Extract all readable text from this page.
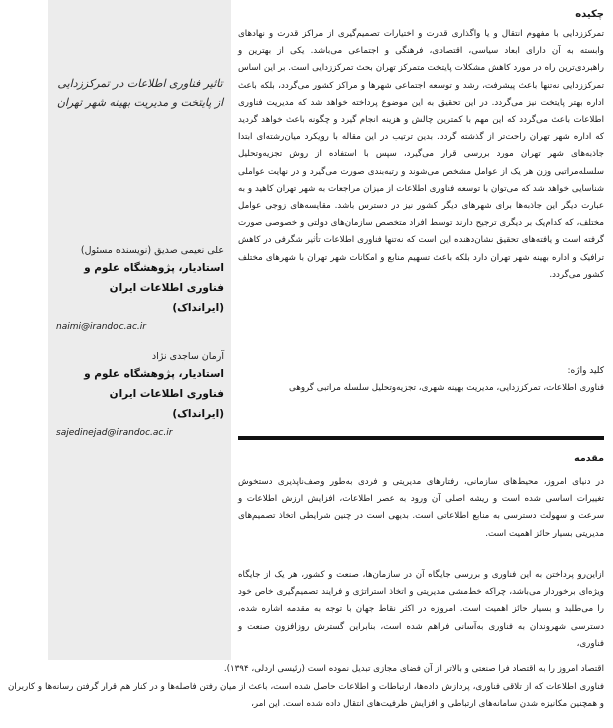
تاثیر فناوری اطلاعات در تمرکززدایی از پایتخت و مدیریت بهینه شهر تهران
علی نعیمی صدیق (نویسنده مسئول)
استادیار، پژوهشگاه علوم و فناوری اطلاعات ایران (ایرانداک)
naimi@irandoc.ac.ir
آرمان ساجدی نژاد
استادیار، پژوهشگاه علوم و فناوری اطلاعات ایران (ایرانداک)
sajedinejad@irandoc.ac.ir
چکیده

تمرکززدایی با مفهوم انتقال و یا واگذاری قدرت و اختیارات تصمیم‌گیری از مراکز قدرت و نهادهای وابسته به آن دارای ابعاد سیاسی، اقتصادی، فرهنگی و اجتماعی می‌باشد. یکی از بهترین و راهبردی‌ترین راه در مورد کاهش مشکلات پایتخت متمرکز تهران بحث تمرکززدایی است. بر این اساس تمرکززدایی نه‌تنها باعث پیشرفت، رشد و توسعه اجتماعی شهرها و مراکز کشور می‌گردد، بلکه باعث اداره بهتر پایتخت نیز می‌گردد. در این تحقیق به این موضوع پرداخته خواهد شد که مدیریت فناوری اطلاعات باعث می‌گردد که این مهم با کمترین چالش و هزینه انجام گیرد و چگونه باعث خواهد گردید که اداره شهر تهران راحت‌تر از گذشته گردد. بدین ترتیب در این مقاله با رویکرد میان‌رشته‌ای ابتدا جاذبه‌های شهر تهران مورد بررسی قرار می‌گیرد، سپس با استفاده از روش تجزیه‌وتحلیل سلسله‌مراتبی وزن هر یک از عوامل مشخص می‌شوند و رتبه‌بندی صورت می‌گیرد و در نهایت عواملی شناسایی خواهد شد که می‌توان با توسعه فناوری اطلاعات از میزان مراجعات به شهر تهران کاهید و به عبارت دیگر این جاذبه‌ها برای شهرهای دیگر کشور نیز در دسترس باشد. مقایسه‌های زوجی عوامل مختلف، که کدام‌یک بر دیگری ترجیح دارند توسط افراد متخصص سازمان‌های دولتی و خصوصی صورت گرفته است و یافته‌های تحقیق نشان‌دهنده این است که نه‌تنها فناوری اطلاعات تأثیر شگرفی در کاهش ترافیک و اداره بهینه شهر تهران دارد بلکه باعث تسهیم منابع و امکانات شهر تهران با شهرهای مختلف کشور می‌گردد.

کلید واژه:
فناوری اطلاعات، تمرکززدایی، مدیریت بهینه شهری، تجزیه‌وتحلیل سلسله مراتبی گروهی
مقدمه

در دنیای امروز، محیط‌های سازمانی، رفتارهای مدیریتی و فردی به‌طور وصف‌ناپذیری دستخوش تغییرات اساسی شده است و ریشه اصلی آن ورود به عصر اطلاعات، افزایش ارزش اطلاعات و سرعت و سهولت دسترسی به منابع اطلاعاتی است. بدیهی است در چنین شرایطی اتخاذ تصمیم‌های مدیریتی بسیار حائز اهمیت است.

ازاین‌رو پرداختن به این فناوری و بررسی جایگاه آن در سازمان‌ها، صنعت و کشور، هر یک از جایگاه ویژه‌ای برخوردار می‌باشد، چراکه خط‌مشی مدیریتی و اتخاذ استراتژی و فرایند تصمیم‌گیری خاص خود را می‌طلبد و بسیار حائز اهمیت است. امروزه در اکثر نقاط جهان با توجه به مقدمه اشاره شده، دسترسی شهروندان به فناوری به‌آسانی فراهم شده است، بنابراین گسترش روزافزون صنعت و فناوری،

اقتصاد امروز را به اقتصاد فرا صنعتی و بالاتر از آن فضای مجازی تبدیل نموده است (رئیسی اردلی، ۱۳۹۴).

فناوری اطلاعات که از تلاقی فناوری، پردازش داده‌ها، ارتباطات و اطلاعات حاصل شده است، باعث از میان رفتن فاصله‌ها و در کنار هم قرار گرفتن رسانه‌ها و کاربران و همچنین مکانیزه شدن سامانه‌های ارتباطی و افزایش ظرفیت‌های انتقال داده شده است. این امر،
